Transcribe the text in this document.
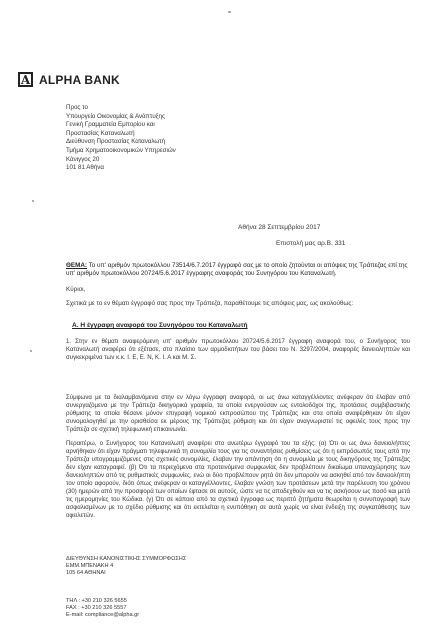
A ALPHA BANK
Προς το
Υπουργείο Οικονομίας & Ανάπτυξης
Γενική Γραμματεία Εμπορίου και
Προστασίας Καταναλωτή
Διεύθυνση Προστασίας Καταναλωτή
Τμήμα Χρηματοοικονομικών Υπηρεσιών
Κάνιγγος 20
101 81 Αθήνα
Αθήνα 28 Σεπτεμβρίου 2017
Επιστολή μας αρ.Β. 331
ΘΕΜΑ: Το υπ' αριθμόν πρωτοκόλλου 73514/6.7.2017 έγγραφό σας με το οποίο ζητούνται οι απόψεις της Τράπεζας επί της υπ' αριθμόν πρωτοκόλλου 20724/5.6.2017 έγγραφης αναφοράς του Συνηγόρου του Καταναλωτή.
Κύριοι,
Σχετικά με το εν θέματι έγγραφό σας προς την Τράπεζα, παραθέτουμε τις απόψεις μας, ως ακολούθως:
Α. Η έγγραφη αναφορά του Συνηγόρου του Καταναλωτή
1. Στην εν θέματι αναφερόμενη υπ' αριθμόν πρωτοκόλλου 20724/5.6.2017 έγγραφη αναφορά του, ο Συνήγορος του Καταναλωτή αναφέρει ότι εξέτασε, στο πλαίσιο των αρμοδιοτήτων του βάσει του Ν. 3297/2004, αναφορές δανειοληπτών και συγκεκριμένα των κ.κ. Ι. Ε, Ε. Ν, Κ. Ι. Α και Μ. Σ.
Σύμφωνα με τα διαλαμβανόμενα στην εν λόγω έγγραφη αναφορά, οι ως άνω καταγγέλλοντες ανέφεραν ότι έλαβαν από συνεργαζόμενα με την Τράπεζα δικηγορικά γραφεία, τα οποία ενεργούσαν ως εντολοδόχοι της, προτάσεις συμβιβαστικής ρύθμισης τα οποία θέσανε μόνον επιγραφή νομικού εκπροσώπου της Τράπεζας και στα οποία αναφέρθηκαν ότι είχαν συνομολογηθεί με την ορισθείσα εκ μέρους της Τράπεζας ρύθμιση και ότι είχαν αναγνωριστεί τις οφειλές τους προς την Τράπεζα σε σχετική τηλεφωνική επικοινωνία.
Περαιτέρω, ο Συνήγορος του Καταναλωτή αναφέρει στο ανωτέρω έγγραφό του τα εξής: (α) Ότι οι ως άνω δανειολήπτες αρνήθηκαν ότι είχαν πράγματι τηλεφωνικά τη συνομιλία τους για τις συναντήσεις ρυθμίσεις ως ότι η εκπρόσωπός τους από την Τράπεζα υπογραμμιζόμενες στις σχετικές συνομιλίες, έλαβαν την απάντηση ότι η συνομιλία με τους δικηγόρους της Τράπεζας δεν είχαν καταγραφεί. (β) Ότι τα περιεχόμενα στα προτεινόμενα συμφωνίας δεν προβλέπουν δικαίωμα υπαναχώρησης των δανειοληπτών από τις ρυθμιστικές συμφωνίες, ενώ οι δύο προβλέπουν ρητά ότι δεν μπορούν να ασκηθεί από τον δανειολήπτη τον οποίο αφορούν, διότι όπως ανέφεραν οι καταγγέλλοντες, έλαβαν γνώση των προτάσεων μετά την παρέλευση του χρόνου (30) ημερών από την προσφορά των οποίων έφτασε σε αυτούς, ώστε να τις αποδεχθούν και να τις ασκήσουν ως ποσό και μετά τις ημερομηνίες του Κώδικα. (γ) Ότι σε κάποιο από τα σχετικά έγγραφα ως περιττό ζητήματα θεωρείται η συνυπογραφή των ασφαλισμένων με το σχέδιο ρύθμισης και ότι εκτελείται η ενυπόθηκη σε αυτά χωρίς να είναι ένδειξη της συγκατάθεσης των οφειλετών.
ΔΙΕΥΘΥΝΣΗ ΚΑΝΟΝΙΣΤΙΚΗΣ ΣΥΜΜΟΡΦΩΣΗΣ
ΕΜΜ.ΜΠΕΝΑΚΗ 4
105 64 ΑΘΗΝΑΙ
ΤΗΛ : +30 210 326 5655
FAX : +30 210 326 5557
E-mail: compliance@alpha.gr
